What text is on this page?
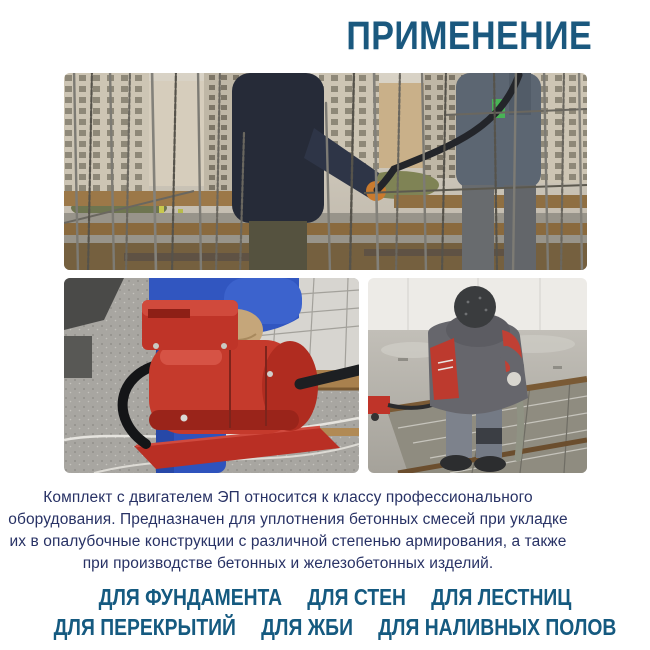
ПРИМЕНЕНИЕ
Комплект с двигателем ЭП относится к классу профессионального
оборудования. Предназначен для уплотнения бетонных смесей при укладке
их в опалубочные конструкции с различной степенью армирования, а также
при производстве бетонных и железобетонных изделий.
ДЛЯ ФУНДАМЕНТА ДЛЯ СТЕН ДЛЯ ЛЕСТНИЦ
ДЛЯ ПЕРЕКРЫТИЙ ДЛЯ ЖБИ ДЛЯ НАЛИВНЫХ ПОЛОВ
